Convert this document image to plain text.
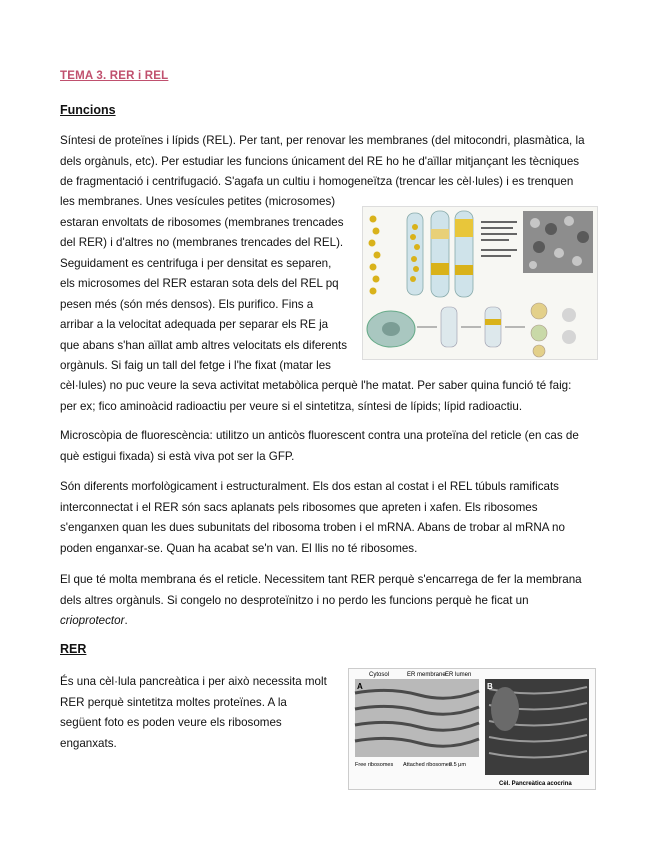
TEMA 3. RER i REL
Funcions
Síntesi de proteïnes i lípids (REL). Per tant, per renovar les membranes (del mitocondri, plasmàtica, la
dels orgànuls, etc). Per estudiar les funcions únicament del RE ho he d'aïllar mitjançant les tècniques
de fragmentació i centrifugació. S'agafa un cultiu i homogeneïtza (trencar les cèl·lules) i es trenquen
les membranes. Unes vesícules petites (microsomes)
estaran envoltats de ribosomes (membranes trencades
del RER) i d'altres no (membranes trencades del REL).
Seguidament es centrifuga i per densitat es separen,
els microsomes del RER estaran sota dels del REL pq
pesen més (són més densos). Els purifico. Fins a
arribar a la velocitat adequada per separar els RE ja
que abans s'han aïllat amb altres velocitats els diferents
orgànuls. Si faig un tall del fetge i l'he fixat (matar les
cèl·lules) no puc veure la seva activitat metabòlica perquè l'he matat. Per saber quina funció té faig:
per ex; fico aminoàcid radioactiu per veure si el sintetitza, síntesi de lípids; lípid radioactiu.
Microscòpia de fluorescència: utilitzo un anticòs fluorescent contra una proteïna del reticle (en cas de
què estigui fixada) si està viva pot ser la GFP.
Són diferents morfològicament i estructuralment. Els dos estan al costat i el REL túbuls ramificats
interconnectat i el RER són sacs aplanats pels ribosomes que apreten i xafen. Els ribosomes
s'enganxen quan les dues subunitats del ribosoma troben i el mRNA. Abans de trobar al mRNA no
poden enganxar-se. Quan ha acabat se'n van. El llis no té ribosomes.
El que té molta membrana és el reticle. Necessitem tant RER perquè s'encarrega de fer la membrana
dels altres orgànuls. Si congelo no desproteïnitzo i no perdo les funcions perquè he ficat un
crioprotector.
RER
És una cèl·lula pancreàtica i per això necessita molt
RER perquè sintetitza moltes proteïnes. A la
següent foto es poden veure els ribosomes
enganxats.
A	B
Cytosol	ER membrane ER lumen
Free ribosomes Attached ribosomes
0.5 μm
Cèl. Pancreàtica acocrina
